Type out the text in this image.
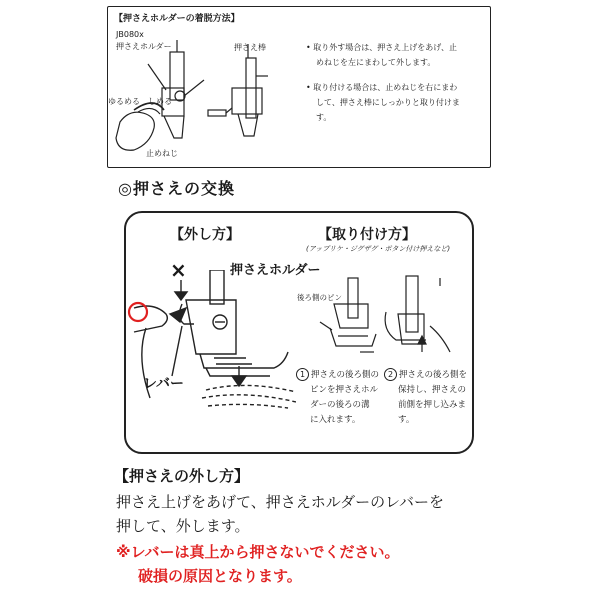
【押さえホルダーの着脱方法】
JB080x
押さえホルダー
ゆるめる　しめる
止めねじ
押さえ棒	• 取り外す場合は、押さえ上げをあげ、止
めねじを左にまわして外します。
• 取り付ける場合は、止めねじを右にまわ
して、押さえ棒にしっかりと取り付けま
す。
◎押さえの交換
【外し方】	【取り付け方】
(アップリケ・ジグザグ・ボタン付け押えなど)
×	押さえホルダー
レバー
後ろ側のピン
1 押さえの後ろ側の
ピンを押さえホル
ダーの後ろの溝
に入れます。
2 押さえの後ろ側を
保持し、押さえの
前側を押し込みま
す。
【押さえの外し方】
押さえ上げをあげて、押さえホルダーのレバーを
押して、外します。
※レバーは真上から押さないでください。
破損の原因となります。
